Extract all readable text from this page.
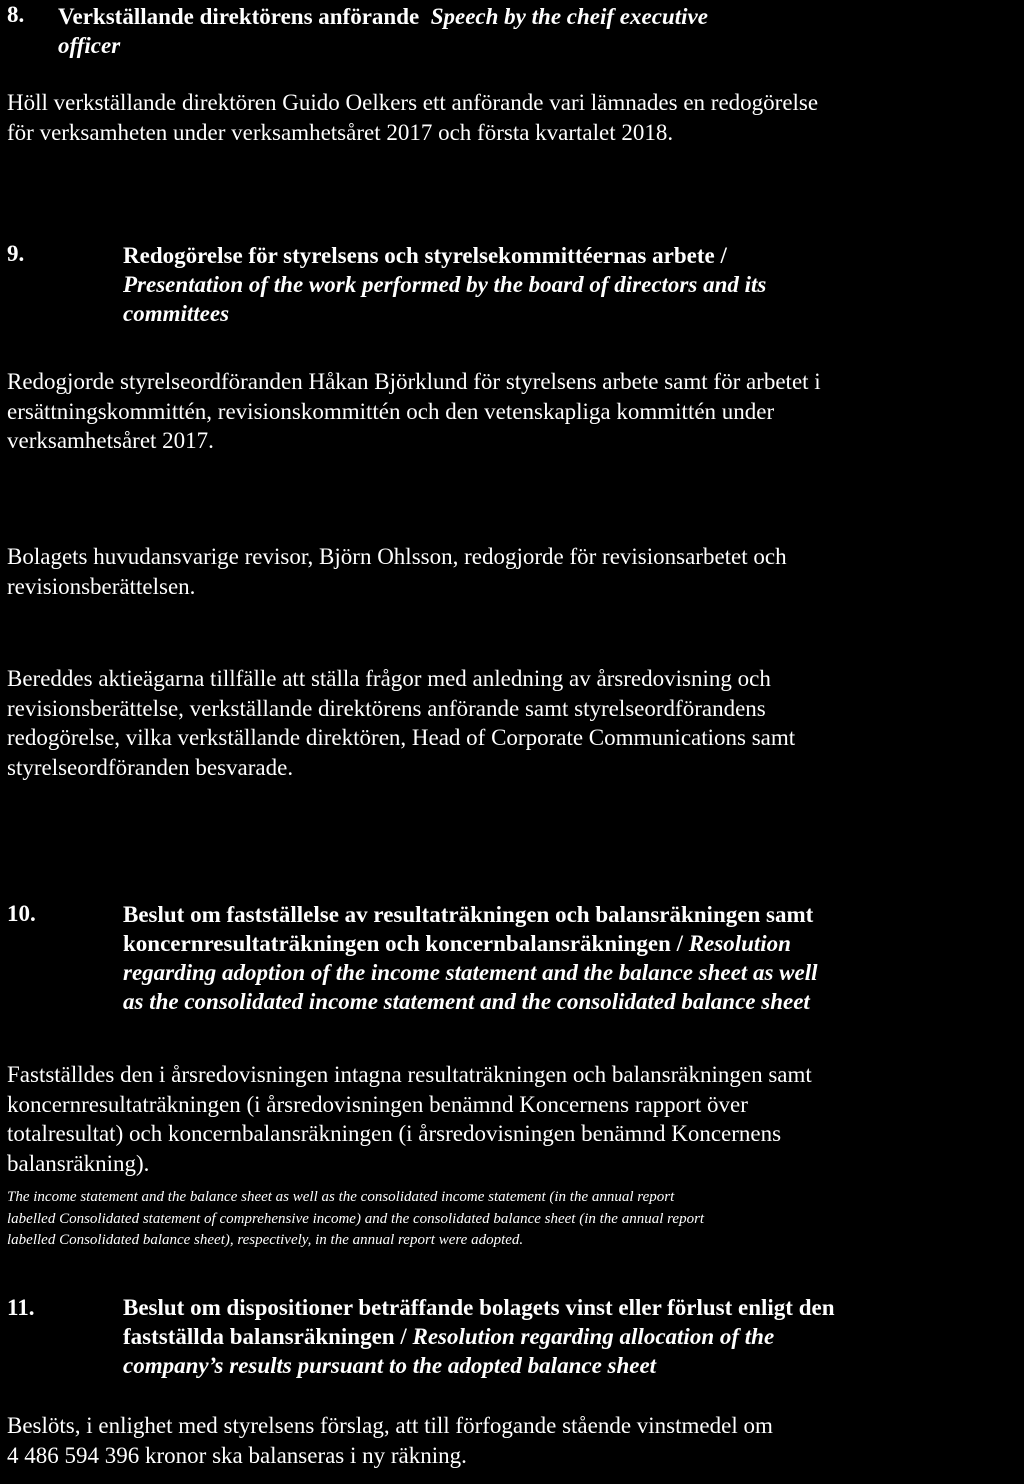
8. Verkställande direktörens anförande Speech by the cheif executive
officer
Höll verkställande direktören Guido Oelkers ett anförande vari lämnades en redogörelse
för verksamheten under verksamhetsåret 2017 och första kvartalet 2018.
9.	Redogörelse för styrelsens och styrelsekommittéernas arbete /
Presentation of the work performed by the board of directors and its
committees
Redogjorde styrelseordföranden Håkan Björklund för styrelsens arbete samt för arbetet i
ersättningskommittén, revisionskommittén och den vetenskapliga kommittén under
verksamhetsåret 2017.
Bolagets huvudansvarige revisor, Björn Ohlsson, redogjorde för revisionsarbetet och
revisionsberättelsen.
Bereddes aktieägarna tillfälle att ställa frågor med anledning av årsredovisning och
revisionsberättelse, verkställande direktörens anförande samt styrelseordförandens
redogörelse, vilka verkställande direktören, Head of Corporate Communications samt
styrelseordföranden besvarade.
10.	Beslut om fastställelse av resultaträkningen och balansräkningen samt
koncernresultaträkningen och koncernbalansräkningen / Resolution
regarding adoption of the income statement and the balance sheet as well
as the consolidated income statement and the consolidated balance sheet
Fastställdes den i årsredovisningen intagna resultaträkningen och balansräkningen samt
koncernresultaträkningen (i årsredovisningen benämnd Koncernens rapport över
totalresultat) och koncernbalansräkningen (i årsredovisningen benämnd Koncernens
balansräkning).
The income statement and the balance sheet as well as the consolidated income statement (in the annual report
labelled Consolidated statement of comprehensive income) and the consolidated balance sheet (in the annual report
labelled Consolidated balance sheet), respectively, in the annual report were adopted.
11.	Beslut om dispositioner beträffande bolagets vinst eller förlust enligt den
fastställda balansräkningen / Resolution regarding allocation of the
company’s results pursuant to the adopted balance sheet
Beslöts, i enlighet med styrelsens förslag, att till förfogande stående vinstmedel om
4 486 594 396 kronor ska balanseras i ny räkning.
